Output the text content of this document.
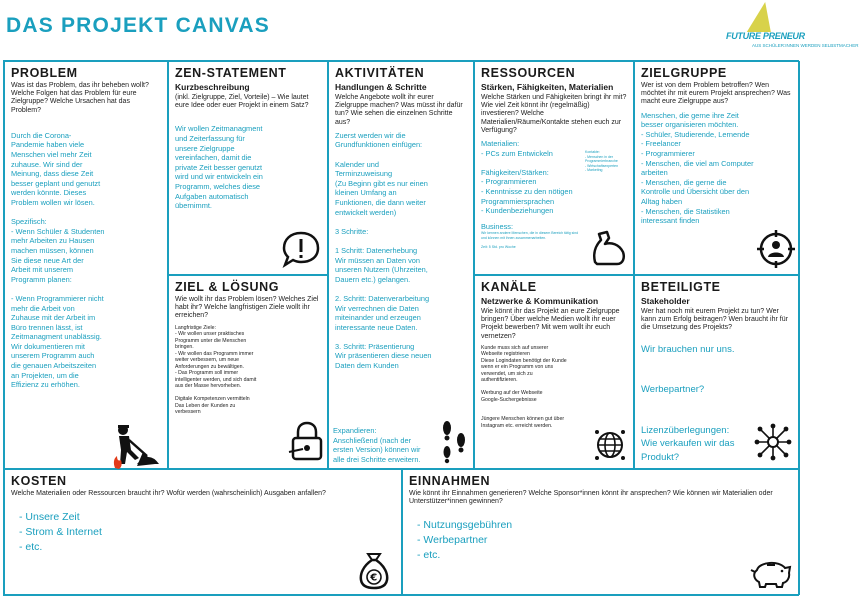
DAS PROJEKT CANVAS	FUTURE PRENEUR
AUS SCHÜLER:INNEN WERDEN SELBSTMACHER
PROBLEM
Was ist das Problem, das ihr beheben wollt? Welche Folgen hat das Problem für eure Zielgruppe? Welche Ursachen hat das Problem?
Durch die Corona-
Pandemie haben viele
Menschen viel mehr Zeit
zuhause. Wir sind der
Meinung, dass diese Zeit
besser geplant und genutzt
werden könnte. Dieses
Problem wollen wir lösen.

Spezifisch:
- Wenn Schüler & Studenten
mehr Arbeiten zu Hausen
machen müssen, können
Sie diese neue Art der
Arbeit mit unserem
Programm planen:

- Wenn Programmierer nicht
mehr die Arbeit von
Zuhause mit der Arbeit im
Büro trennen lässt, ist
Zeitmanagment unablässig.
Wir dokumentieren mit
unserem Programm auch
die genauen Arbeitszeiten
an Projekten, um die
Effizienz zu erhöhen.
ZEN-STATEMENT
Kurzbeschreibung
(inkl. Zielgruppe, Ziel, Vorteile) – Wie lautet eure Idee oder euer Projekt in einem Satz?
Wir wollen Zeitmanagment
und Zeiterfassung für
unsere Zielgruppe
vereinfachen, damit die
private Zeit besser genutzt
wird und wir entwickeln ein
Programm, welches diese
Aufgaben automatisch
übernimmt.
ZIEL & LÖSUNG
Wie wollt ihr das Problem lösen? Welches Ziel habt ihr? Welche langfristigen Ziele wollt ihr erreichen?
Langfristige Ziele:
- Wir wollen unser praktisches
Programm unter die Menschen
bringen.
- Wir wollen das Programm immer
weiter verbessern, um neue
Anforderungen zu bewältigen.
- Das Programm soll immer
intelligenter werden, und sich damit
aus der Masse hervorheben.

Digitale Kompetenzen vermitteln
Das Leben der Kunden zu
verbessern
AKTIVITÄTEN
Handlungen & Schritte
Welche Angebote wollt ihr eurer Zielgruppe machen? Was müsst ihr dafür tun? Wie sehen die einzelnen Schritte aus?
Zuerst werden wir die
Grundfunktionen einfügen:

Kalender und
Terminzuweisung
(Zu Beginn gibt es nur einen
kleinen Umfang an
Funktionen, die dann weiter
entwickelt werden)

3 Schritte:

1 Schritt: Datenerhebung
Wir müssen an Daten von
unseren Nutzern (Uhrzeiten,
Dauern etc.) gelangen.

2. Schritt: Datenverarbeitung
Wir verrechnen die Daten
miteinander und erzeugen
interessante neue Daten.

3. Schritt: Präsentierung
Wir präsentieren diese neuen
Daten dem Kunden
Expandieren:
Anschließend (nach der
ersten Version) können wir
alle drei Schritte erweitern.
RESSOURCEN
Stärken, Fähigkeiten, Materialien
Welche Stärken und Fähigkeiten bringt ihr mit? Wie viel Zeit könnt ihr (regelmäßig) investieren? Welche Materialien/Räume/Kontakte stehen euch zur Verfügung?
Kontakte:
- Menschen in der Programmierbranche
- Wirtschaftsexperten
- Marketing
Materialien:
- PCs zum Entwickeln

Fähigkeiten/Stärken:
- Programmieren
- Kenntnisse zu den nötigen
Programmiersprachen
- Kundenbeziehungen
Business:
Wir kennen andere Menschen, die in diesem Bereich tätig sind und können mit ihnen zusammenarbeiten.

Zeit: 5 Std. pro Woche
KANÄLE
Netzwerke & Kommunikation
Wie könnt ihr das Projekt an eure Zielgruppe bringen? Über welche Medien wollt ihr euer Projekt bewerben? Mit wem wollt ihr euch vernetzen?
Kunde muss sich auf unserer
Webseite registrieren
Diese Logindaten benötigt der Kunde
wenn er ein Programm von uns
verwendet, um sich zu
authentifizieren.

Werbung auf der Webseite
Google-Suchergebnisse

Jüngere Menschen können gut über
Instagram etc. erreicht werden.
ZIELGRUPPE
Wer ist von dem Problem betroffen? Wen möchtet ihr mit eurem Projekt ansprechen? Was macht eure Zielgruppe aus?
Menschen, die gerne ihre Zeit
besser organisieren möchten.
- Schüler, Studierende, Lernende
- Freelancer
- Programmierer
- Menschen, die viel am Computer
arbeiten
- Menschen, die gerne die
Kontrolle und Übersicht über den
Alltag haben
- Menschen, die Statistiken
interessant finden
BETEILIGTE
Stakeholder
Wer hat noch mit eurem Projekt zu tun? Wer kann zum Erfolg beitragen? Wen braucht ihr für die Umsetzung des Projekts?
Wir brauchen nur uns.

Werbepartner?

Lizenzüberlegungen:
Wie verkaufen wir das
Produkt?
KOSTEN
Welche Materialien oder Ressourcen braucht ihr? Wofür werden (wahrscheinlich) Ausgaben anfallen?
- Unsere Zeit
- Strom & Internet
- etc.
€
EINNAHMEN
Wie könnt ihr Einnahmen generieren? Welche Sponsor*innen könnt ihr ansprechen? Wie können wir Materialien oder Unterstützer*innen gewinnen?
- Nutzungsgebühren
- Werbepartner
- etc.
